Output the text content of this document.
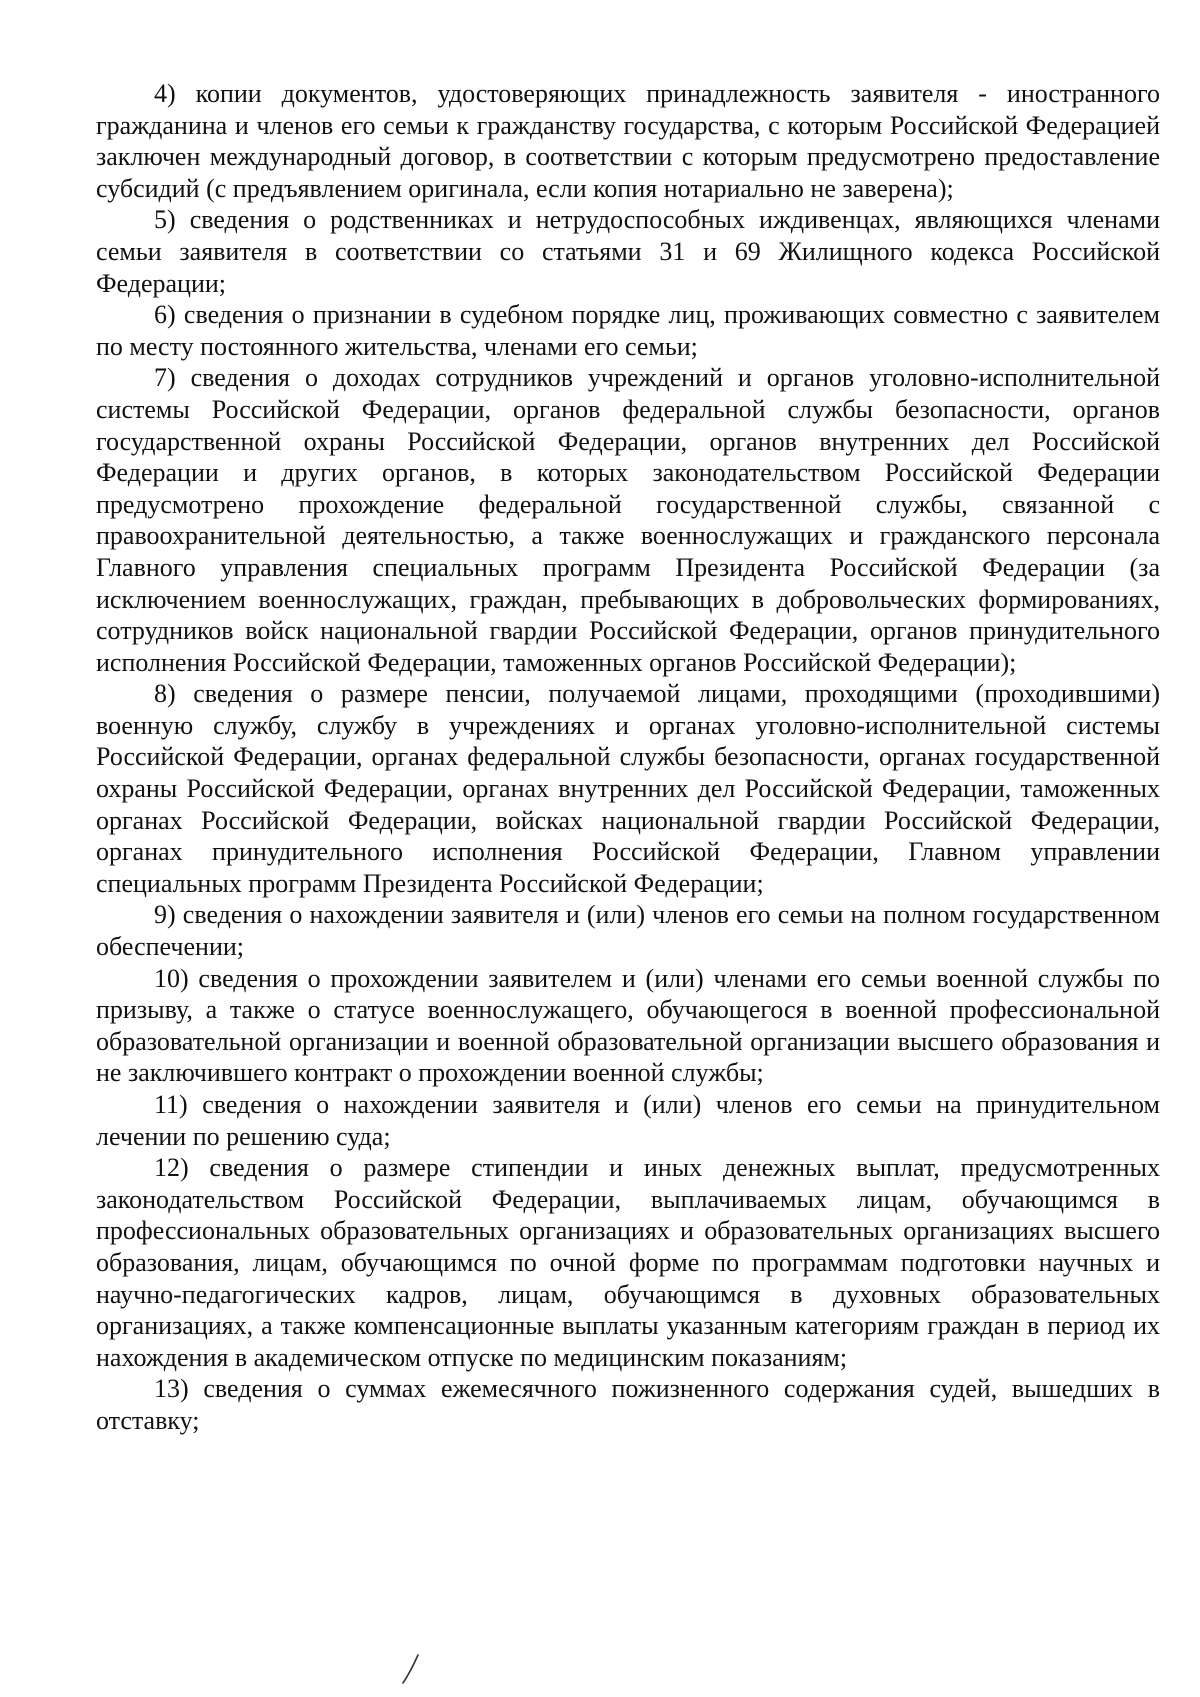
4) копии документов, удостоверяющих принадлежность заявителя - иностранного гражданина и членов его семьи к гражданству государства, с которым Российской Федерацией заключен международный договор, в соответствии с которым предусмотрено предоставление субсидий (с предъявлением оригинала, если копия нотариально не заверена);

5) сведения о родственниках и нетрудоспособных иждивенцах, являющихся членами семьи заявителя в соответствии со статьями 31 и 69 Жилищного кодекса Российской Федерации;

6) сведения о признании в судебном порядке лиц, проживающих совместно с заявителем по месту постоянного жительства, членами его семьи;

7) сведения о доходах сотрудников учреждений и органов уголовно-исполнительной системы Российской Федерации, органов федеральной службы безопасности, органов государственной охраны Российской Федерации, органов внутренних дел Российской Федерации и других органов, в которых законодательством Российской Федерации предусмотрено прохождение федеральной государственной службы, связанной с правоохранительной деятельностью, а также военнослужащих и гражданского персонала Главного управления специальных программ Президента Российской Федерации (за исключением военнослужащих, граждан, пребывающих в добровольческих формированиях, сотрудников войск национальной гвардии Российской Федерации, органов принудительного исполнения Российской Федерации, таможенных органов Российской Федерации);

8) сведения о размере пенсии, получаемой лицами, проходящими (проходившими) военную службу, службу в учреждениях и органах уголовно-исполнительной системы Российской Федерации, органах федеральной службы безопасности, органах государственной охраны Российской Федерации, органах внутренних дел Российской Федерации, таможенных органах Российской Федерации, войсках национальной гвардии Российской Федерации, органах принудительного исполнения Российской Федерации, Главном управлении специальных программ Президента Российской Федерации;

9) сведения о нахождении заявителя и (или) членов его семьи на полном государственном обеспечении;

10) сведения о прохождении заявителем и (или) членами его семьи военной службы по призыву, а также о статусе военнослужащего, обучающегося в военной профессиональной образовательной организации и военной образовательной организации высшего образования и не заключившего контракт о прохождении военной службы;

11) сведения о нахождении заявителя и (или) членов его семьи на принудительном лечении по решению суда;

12) сведения о размере стипендии и иных денежных выплат, предусмотренных законодательством Российской Федерации, выплачиваемых лицам, обучающимся в профессиональных образовательных организациях и образовательных организациях высшего образования, лицам, обучающимся по очной форме по программам подготовки научных и научно-педагогических кадров, лицам, обучающимся в духовных образовательных организациях, а также компенсационные выплаты указанным категориям граждан в период их нахождения в академическом отпуске по медицинским показаниям;

13) сведения о суммах ежемесячного пожизненного содержания судей, вышедших в отставку;
